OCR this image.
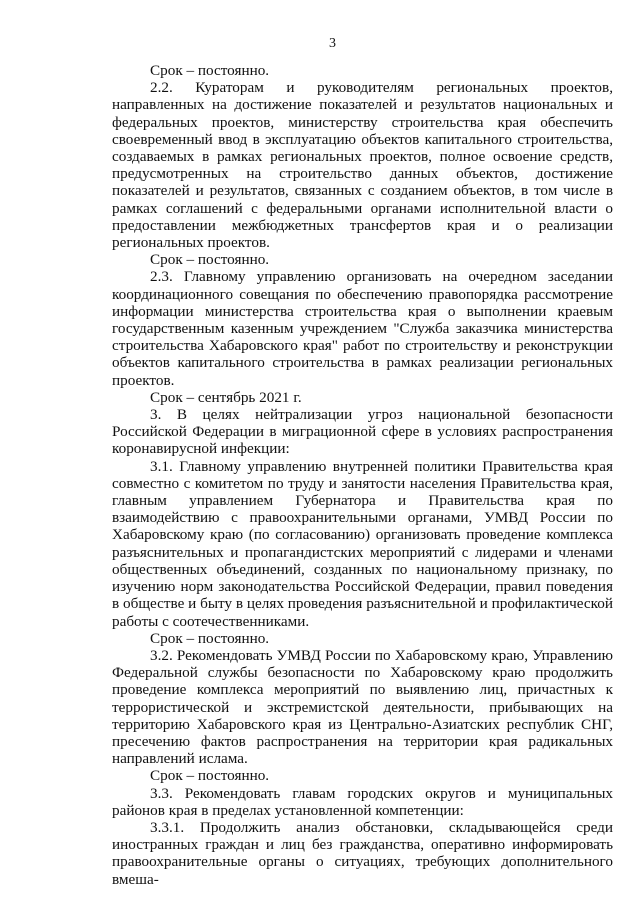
3

Срок – постоянно.

2.2. Кураторам и руководителям региональных проектов, направленных на достижение показателей и результатов национальных и федеральных проектов, министерству строительства края обеспечить своевременный ввод в эксплуатацию объектов капитального строительства, создаваемых в рамках региональных проектов, полное освоение средств, предусмотренных на строительство данных объектов, достижение показателей и результатов, связанных с созданием объектов, в том числе в рамках соглашений с федеральными органами исполнительной власти о предоставлении межбюджетных трансфертов края и о реализации региональных проектов.

Срок – постоянно.

2.3. Главному управлению организовать на очередном заседании координационного совещания по обеспечению правопорядка рассмотрение информации министерства строительства края о выполнении краевым государственным казенным учреждением "Служба заказчика министерства строительства Хабаровского края" работ по строительству и реконструкции объектов капитального строительства в рамках реализации региональных проектов.

Срок – сентябрь 2021 г.

3. В целях нейтрализации угроз национальной безопасности Российской Федерации в миграционной сфере в условиях распространения коронавирусной инфекции:

3.1. Главному управлению внутренней политики Правительства края совместно с комитетом по труду и занятости населения Правительства края, главным управлением Губернатора и Правительства края по взаимодействию с правоохранительными органами, УМВД России по Хабаровскому краю (по согласованию) организовать проведение комплекса разъяснительных и пропагандистских мероприятий с лидерами и членами общественных объединений, созданных по национальному признаку, по изучению норм законодательства Российской Федерации, правил поведения в обществе и быту в целях проведения разъяснительной и профилактической работы с соотечественниками.

Срок – постоянно.

3.2. Рекомендовать УМВД России по Хабаровскому краю, Управлению Федеральной службы безопасности по Хабаровскому краю продолжить проведение комплекса мероприятий по выявлению лиц, причастных к террористической и экстремистской деятельности, прибывающих на территорию Хабаровского края из Центрально-Азиатских республик СНГ, пресечению фактов распространения на территории края радикальных направлений ислама.

Срок – постоянно.

3.3. Рекомендовать главам городских округов и муниципальных районов края в пределах установленной компетенции:

3.3.1. Продолжить анализ обстановки, складывающейся среди иностранных граждан и лиц без гражданства, оперативно информировать правоохранительные органы о ситуациях, требующих дополнительного вмеша-
